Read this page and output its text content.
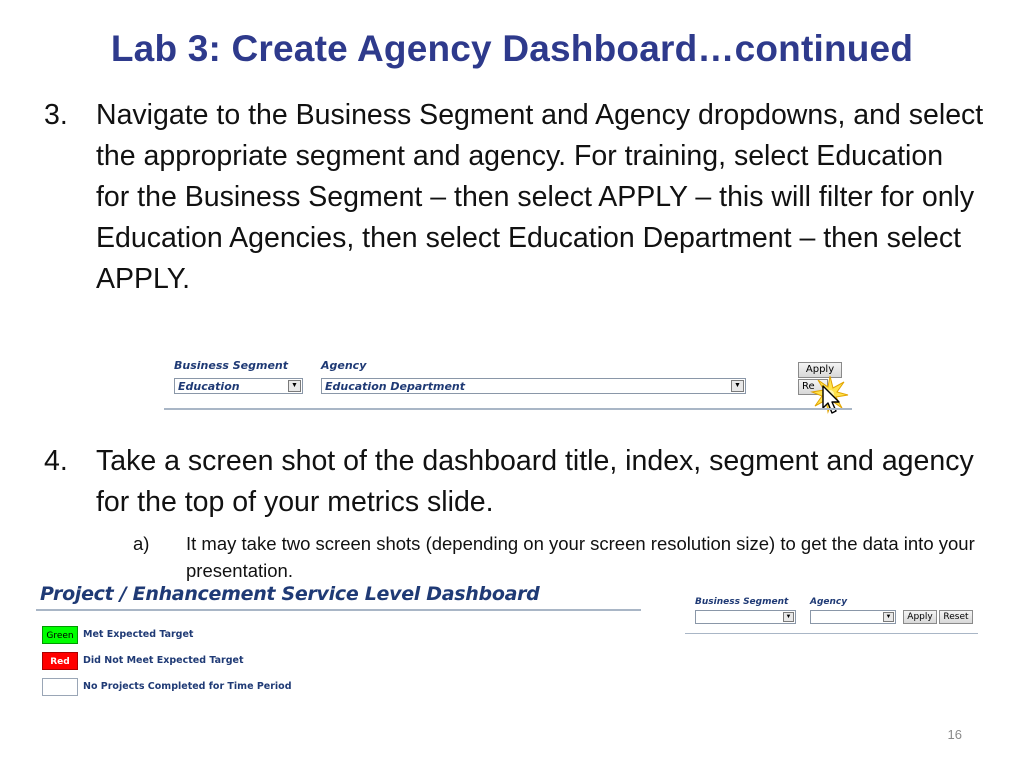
Lab 3: Create Agency Dashboard…continued
3. Navigate to the Business Segment and Agency dropdowns, and select the appropriate segment and agency. For training, select Education for the Business Segment – then select APPLY – this will filter for only Education Agencies, then select Education Department – then select APPLY.
Business Segment
Education	▼
Agency
Education Department	▼
Apply
Re
4. Take a screen shot of the dashboard title, index, segment and agency for the top of your metrics slide.
a) It may take two screen shots (depending on your screen resolution size) to get the data into your presentation.
Project / Enhancement Service Level Dashboard
Green Met Expected Target
Red	Did Not Meet Expected Target
No Projects Completed for Time Period
Business Segment
▼
Agency
▼	Apply	Reset
16
